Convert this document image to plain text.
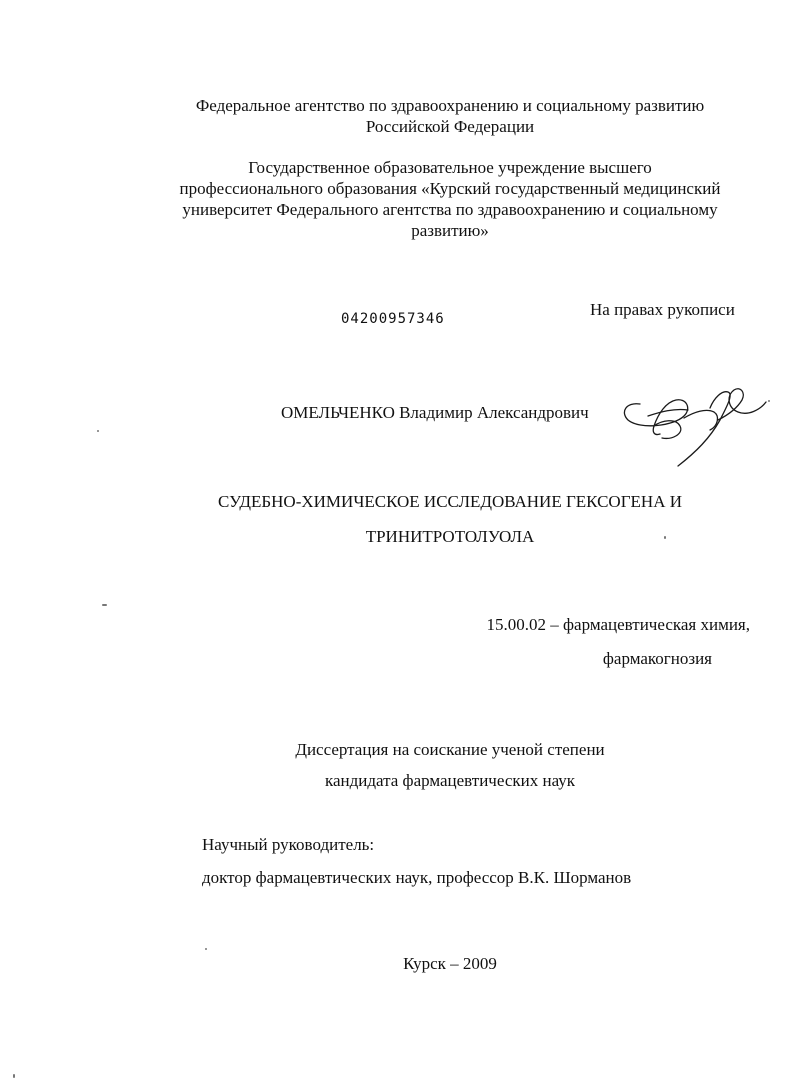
Федеральное агентство по здравоохранению и социальному развитию
Российской Федерации
Государственное образовательное учреждение высшего
профессионального образования «Курский государственный медицинский
университет Федерального агентства по здравоохранению и социальному
развитию»
04200957346	На правах рукописи
ОМЕЛЬЧЕНКО Владимир Александрович
СУДЕБНО-ХИМИЧЕСКОЕ ИССЛЕДОВАНИЕ ГЕКСОГЕНА И
ТРИНИТРОТОЛУОЛА
15.00.02 – фармацевтическая химия,
фармакогнозия
Диссертация на соискание ученой степени
кандидата фармацевтических наук
Научный руководитель:
доктор фармацевтических наук, профессор В.К. Шорманов
Курск – 2009
